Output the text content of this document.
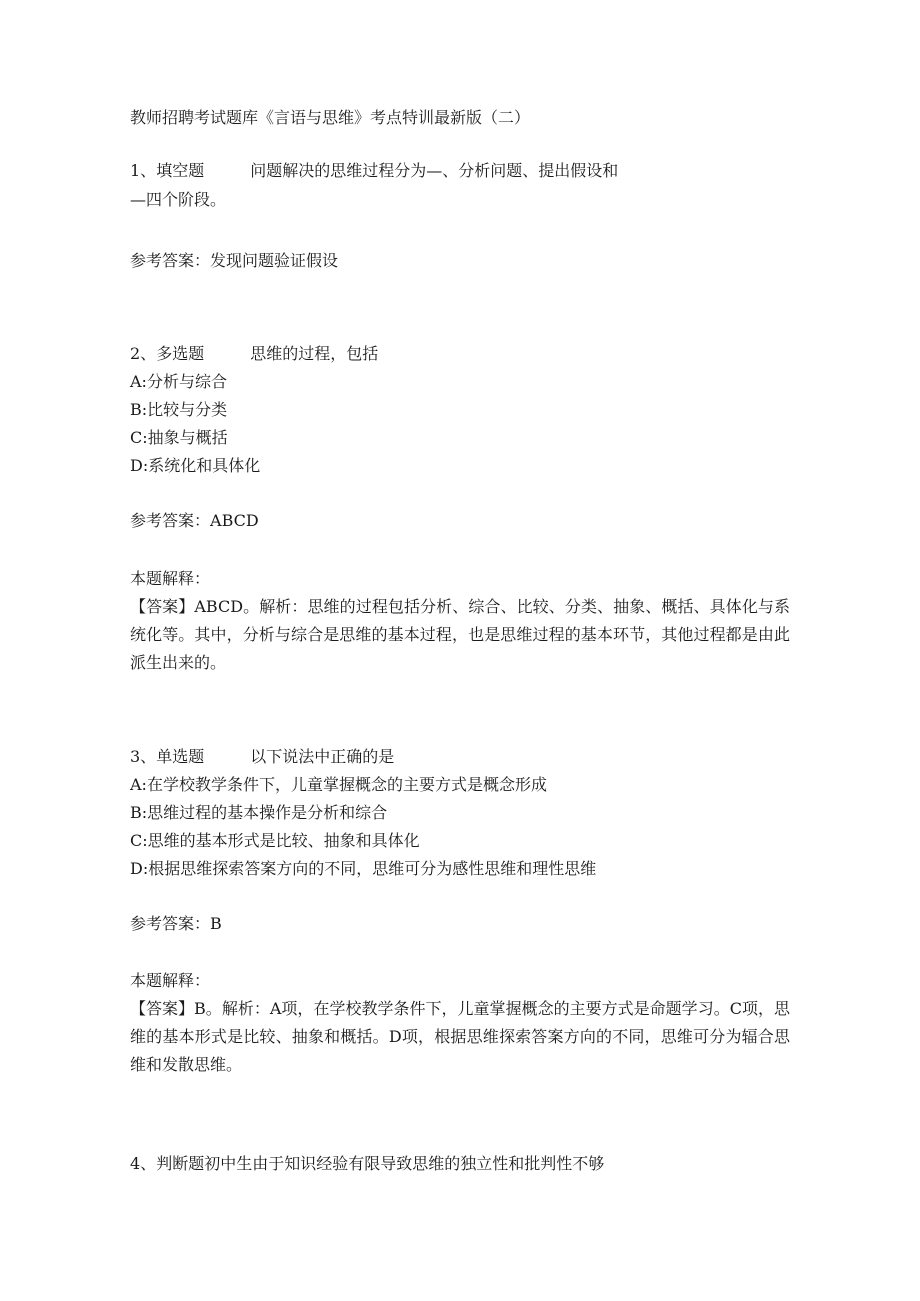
教师招聘考试题库《言语与思维》考点特训最新版（二）
1、填空题	问题解决的思维过程分为—、分析问题、提出假设和
—四个阶段。
参考答案：发现问题验证假设
2、多选题	思维的过程，包括
A:分析与综合
B:比较与分类
C:抽象与概括
D:系统化和具体化
参考答案：ABCD
本题解释：
【答案】ABCD。解析：思维的过程包括分析、综合、比较、分类、抽象、概括、具体化与系统化等。其中，分析与综合是思维的基本过程，也是思维过程的基本环节，其他过程都是由此派生出来的。
3、单选题	以下说法中正确的是
A:在学校教学条件下，儿童掌握概念的主要方式是概念形成
B:思维过程的基本操作是分析和综合
C:思维的基本形式是比较、抽象和具体化
D:根据思维探索答案方向的不同，思维可分为感性思维和理性思维
参考答案：B
本题解释：
【答案】B。解析：A项，在学校教学条件下，儿童掌握概念的主要方式是命题学习。C项，思维的基本形式是比较、抽象和概括。D项，根据思维探索答案方向的不同，思维可分为辐合思维和发散思维。
4、判断题初中生由于知识经验有限导致思维的独立性和批判性不够
